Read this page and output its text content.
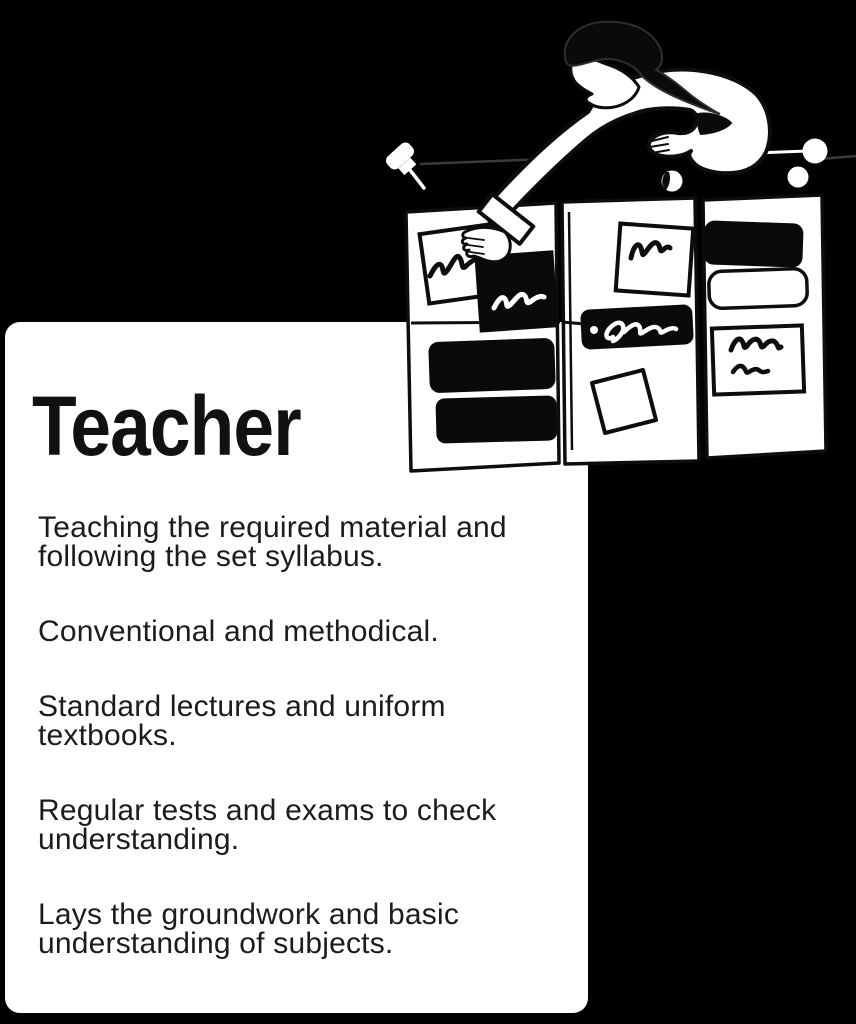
Teacher

Teaching the required material and following the set syllabus.

Conventional and methodical.

Standard lectures and uniform textbooks.

Regular tests and exams to check understanding.

Lays the groundwork and basic understanding of subjects.
